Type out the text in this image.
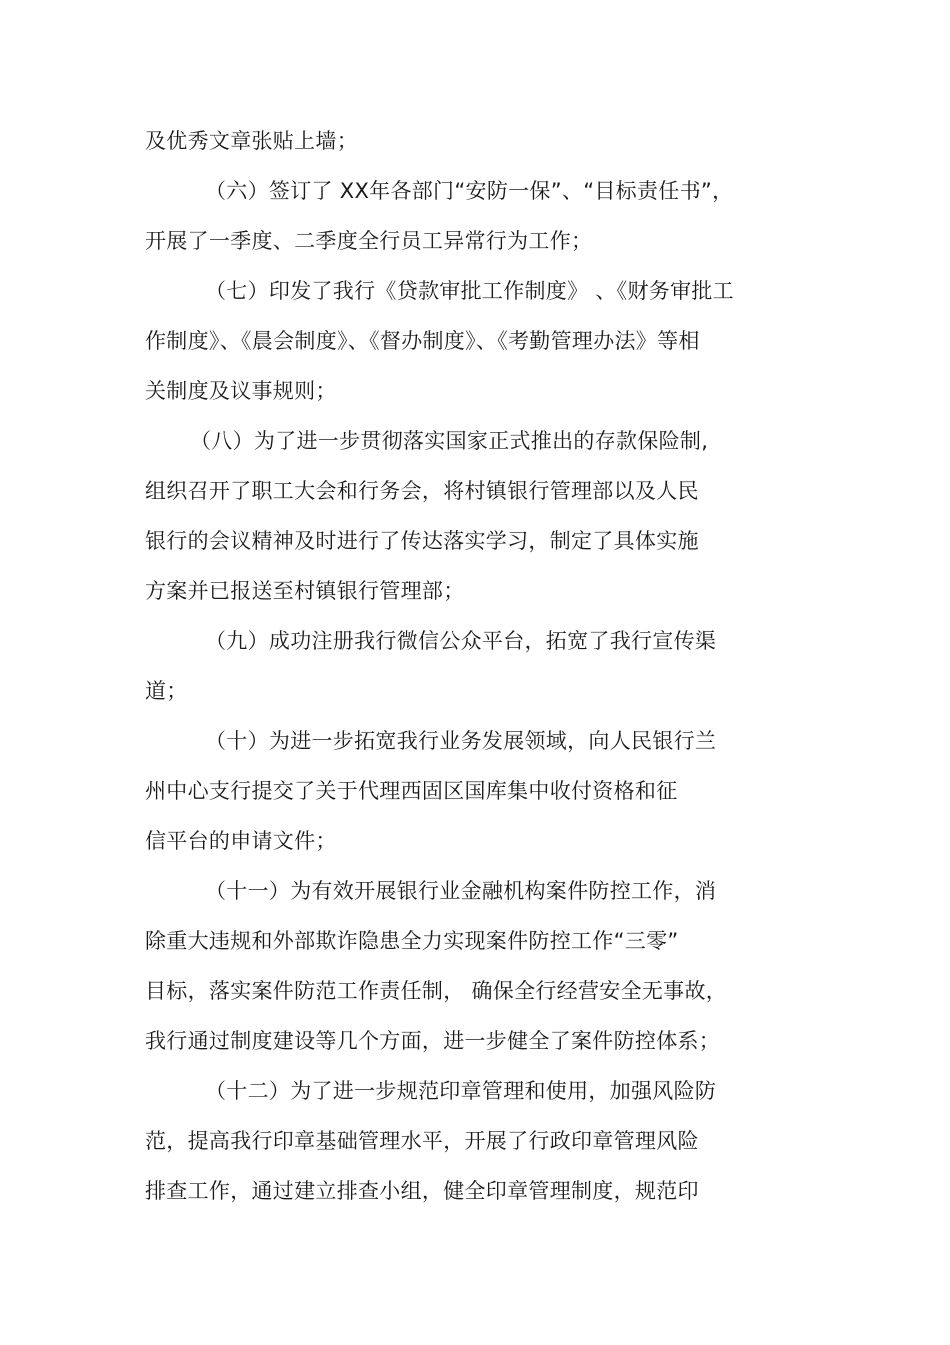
及优秀文章张贴上墙；
（六）签订了 XX年各部门“安防一保”、“目标责任书”，
开展了一季度、二季度全行员工异常行为工作；
（七）印发了我行《贷款审批工作制度》 、《财务审批工
作制度》、《晨会制度》、《督办制度》、《考勤管理办法》等相
关制度及议事规则；
（八）为了进一步贯彻落实国家正式推出的存款保险制,
组织召开了职工大会和行务会，将村镇银行管理部以及人民
银行的会议精神及时进行了传达落实学习，制定了具体实施
方案并已报送至村镇银行管理部；
（九）成功注册我行微信公众平台，拓宽了我行宣传渠
道；
（十）为进一步拓宽我行业务发展领域，向人民银行兰
州中心支行提交了关于代理西固区国库集中收付资格和征
信平台的申请文件；
（十一）为有效开展银行业金融机构案件防控工作，消
除重大违规和外部欺诈隐患全力实现案件防控工作“三零”
目标，落实案件防范工作责任制， 确保全行经营安全无事故，
我行通过制度建设等几个方面，进一步健全了案件防控体系；
（十二）为了进一步规范印章管理和使用，加强风险防
范，提高我行印章基础管理水平，开展了行政印章管理风险
排查工作，通过建立排查小组，健全印章管理制度，规范印
